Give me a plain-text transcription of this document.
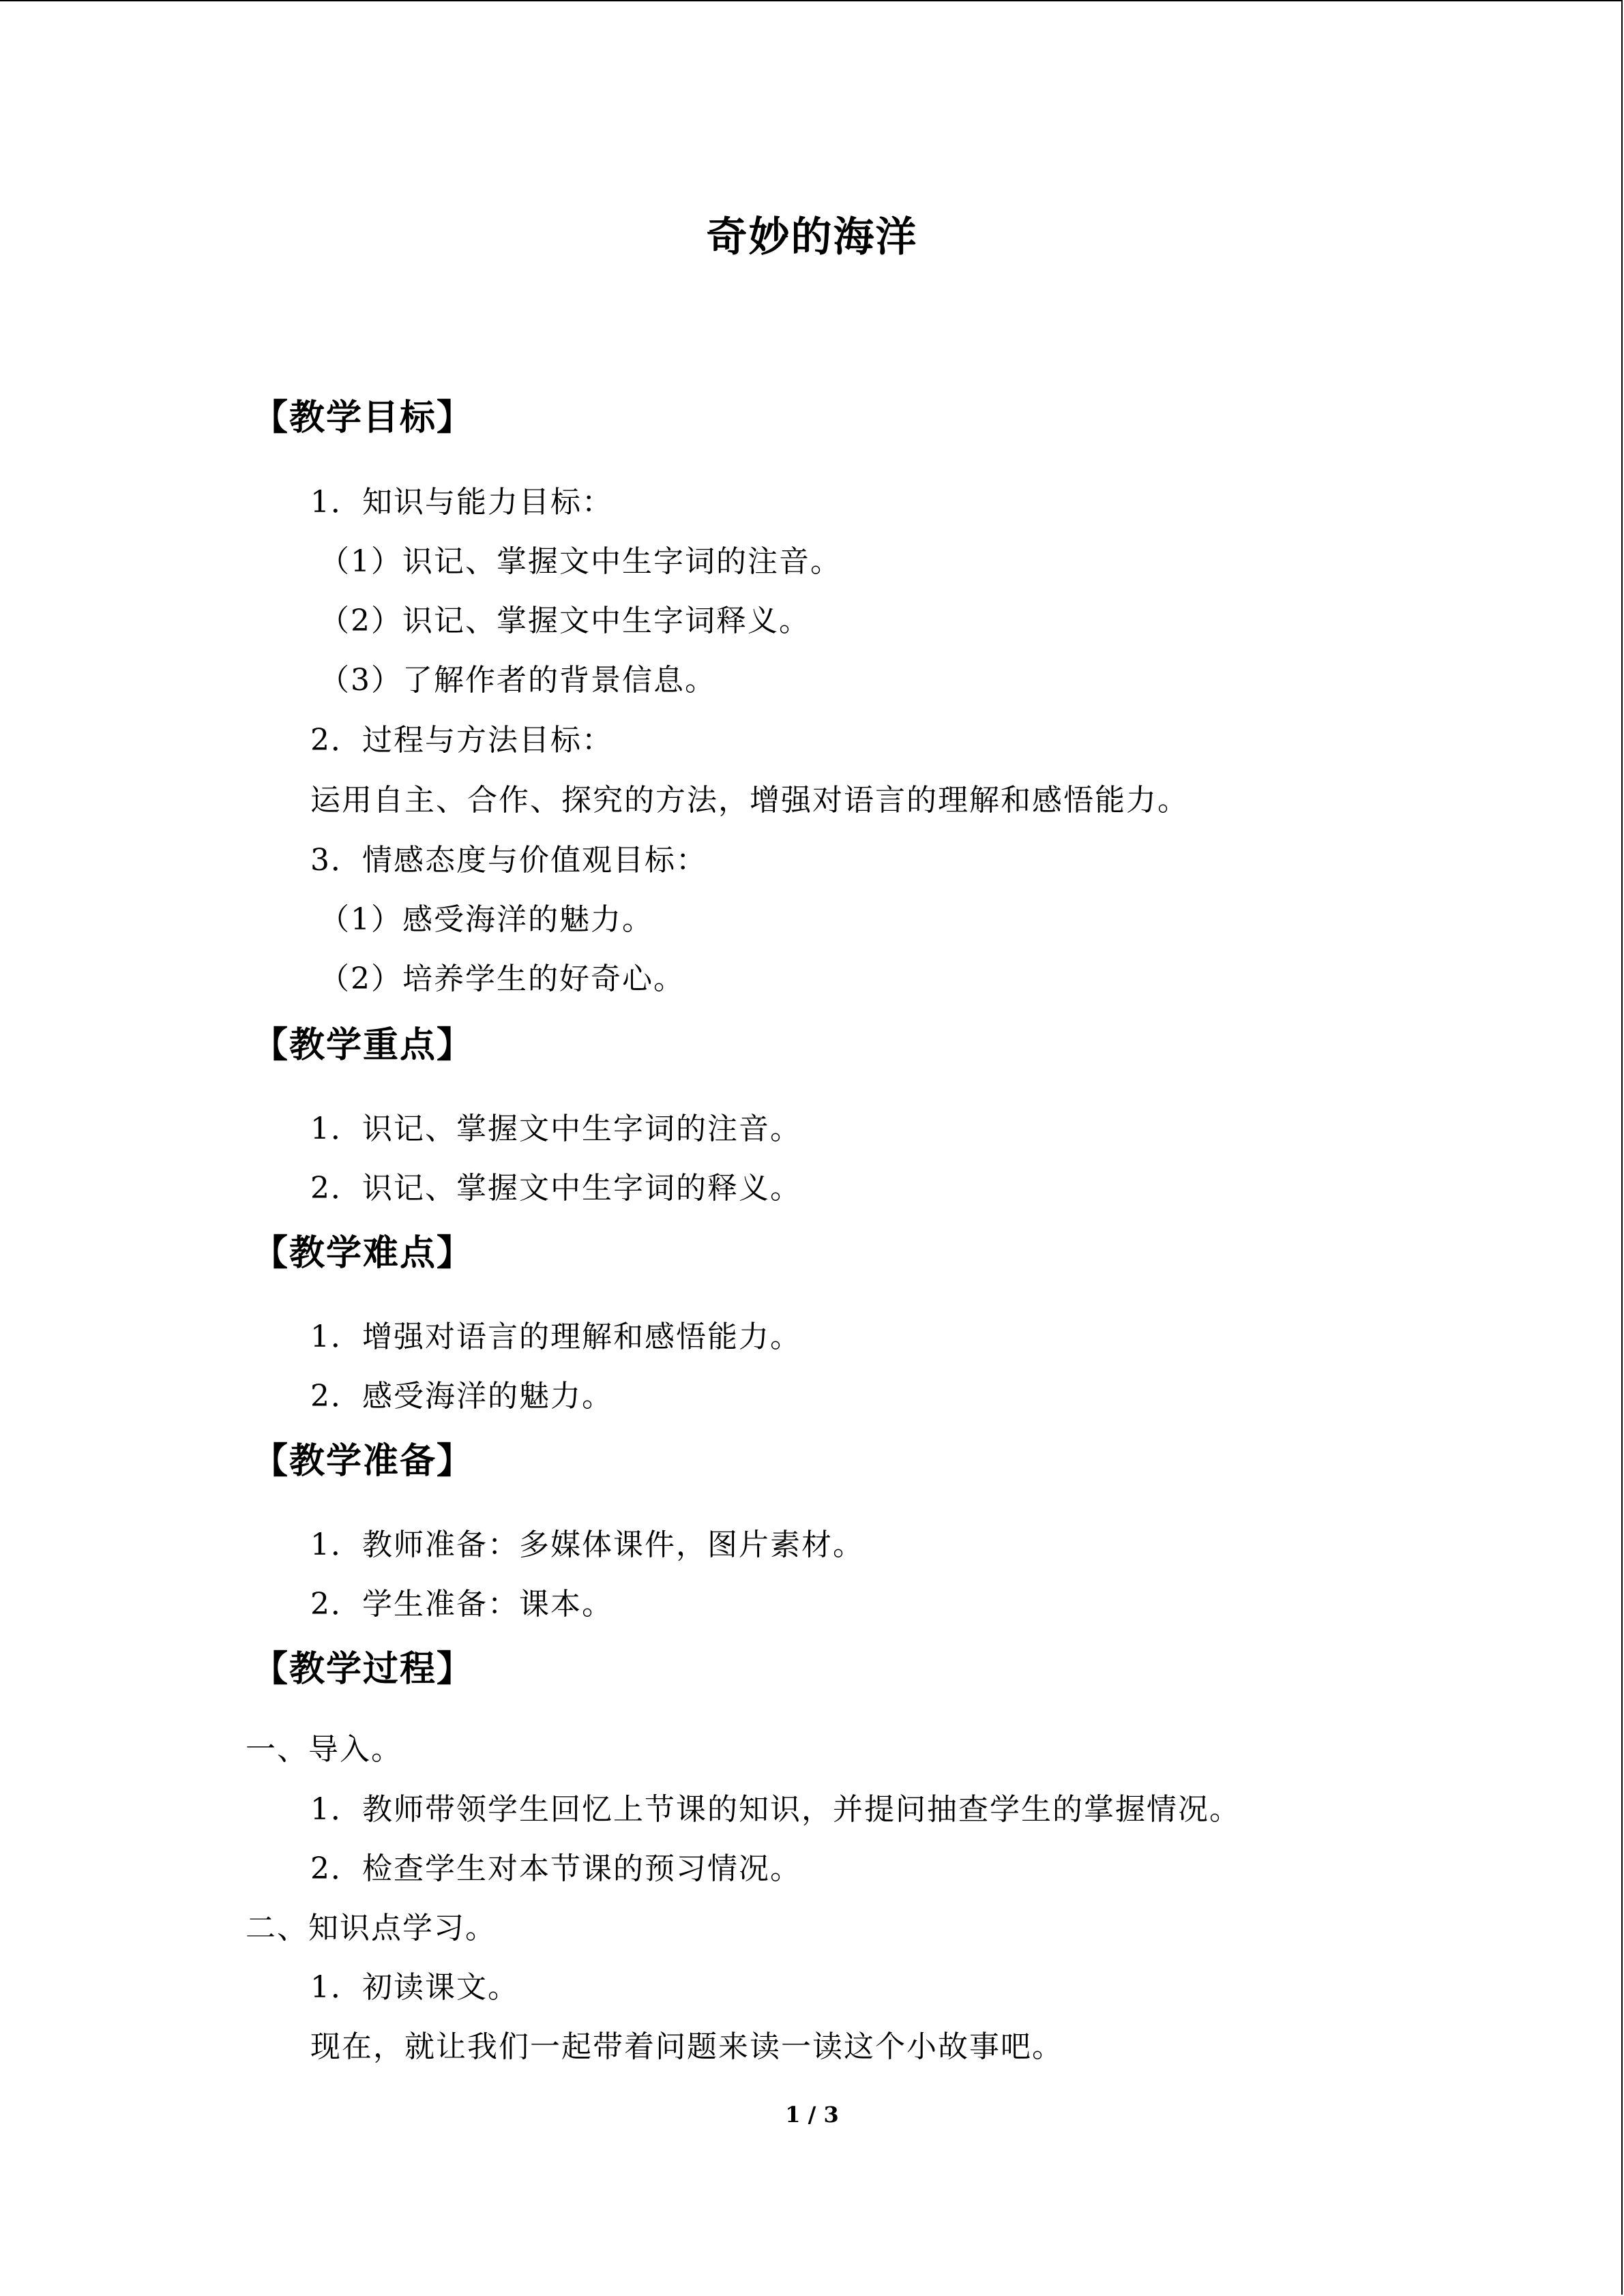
奇妙的海洋
【教学目标】
1．知识与能力目标：
（1）识记、掌握文中生字词的注音。
（2）识记、掌握文中生字词释义。
（3）了解作者的背景信息。
2．过程与方法目标：
运用自主、合作、探究的方法，增强对语言的理解和感悟能力。
3．情感态度与价值观目标：
（1）感受海洋的魅力。
（2）培养学生的好奇心。
【教学重点】
1．识记、掌握文中生字词的注音。
2．识记、掌握文中生字词的释义。
【教学难点】
1．增强对语言的理解和感悟能力。
2．感受海洋的魅力。
【教学准备】
1．教师准备：多媒体课件，图片素材。
2．学生准备：课本。
【教学过程】
一、导入。
1．教师带领学生回忆上节课的知识，并提问抽查学生的掌握情况。
2．检查学生对本节课的预习情况。
二、知识点学习。
1．初读课文。
现在，就让我们一起带着问题来读一读这个小故事吧。
1 / 3
